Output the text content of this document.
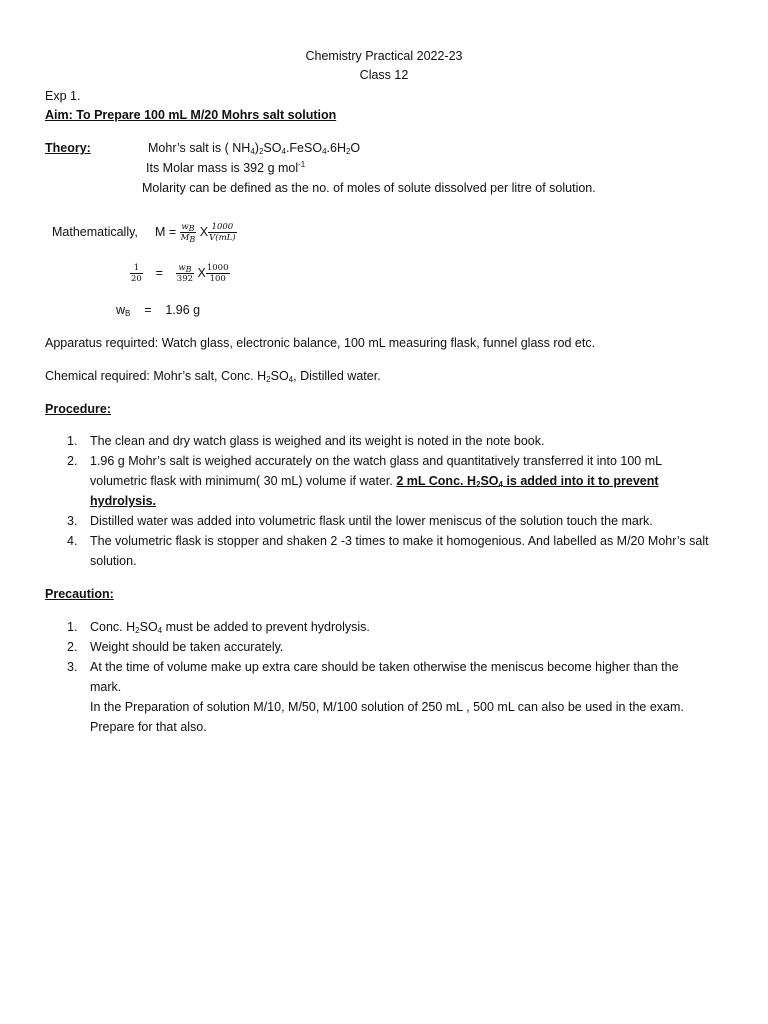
Chemistry Practical 2022-23
Class 12
Exp 1.
Aim: To Prepare 100 mL M/20 Mohrs salt solution
Theory:	Mohr’s salt is ( $NH_4)_2SO_4.FeSO_4.6H_2O$
Its Molar mass is 392 g mol$^{-1}$
Molarity can be defined as the no. of moles of solute dissolved per litre of solution.
Mathematically, $M = \frac{w_B}{M_B}$ X $\frac{1000}{V(mL)}$
$\frac{1}{20} = \frac{w_B}{392}$ X $\frac{1000}{100}$
$w_B = 1.96$ g
Apparatus requirted: Watch glass, electronic balance, 100 mL measuring flask, funnel glass rod etc.
Chemical required: Mohr’s salt, Conc. $H_2SO_4$, Distilled water.
Procedure:
1.	The clean and dry watch glass is weighed and its weight is noted in the note book.
2.	1.96 g Mohr’s salt is weighed accurately on the watch glass and quantitatively transferred it into 100 mL volumetric flask with minimum( 30 mL) volume if water. 2 mL Conc. $H_2SO_4$ is added into it to prevent hydrolysis.
3.	Distilled water was added into volumetric flask until the lower meniscus of the solution touch the mark.
4.	The volumetric flask is stopper and shaken 2 -3 times to make it homogenious. And labelled as M/20 Mohr’s salt solution.
Precaution:
1.	Conc. $H_2SO_4$ must be added to prevent hydrolysis.
2.	Weight should be taken accurately.
3.	At the time of volume make up extra care should be taken otherwise the meniscus become higher than the mark.
In the Preparation of solution M/10, M/50, M/100 solution of 250 mL , 500 mL can also be used in the exam. Prepare for that also.
